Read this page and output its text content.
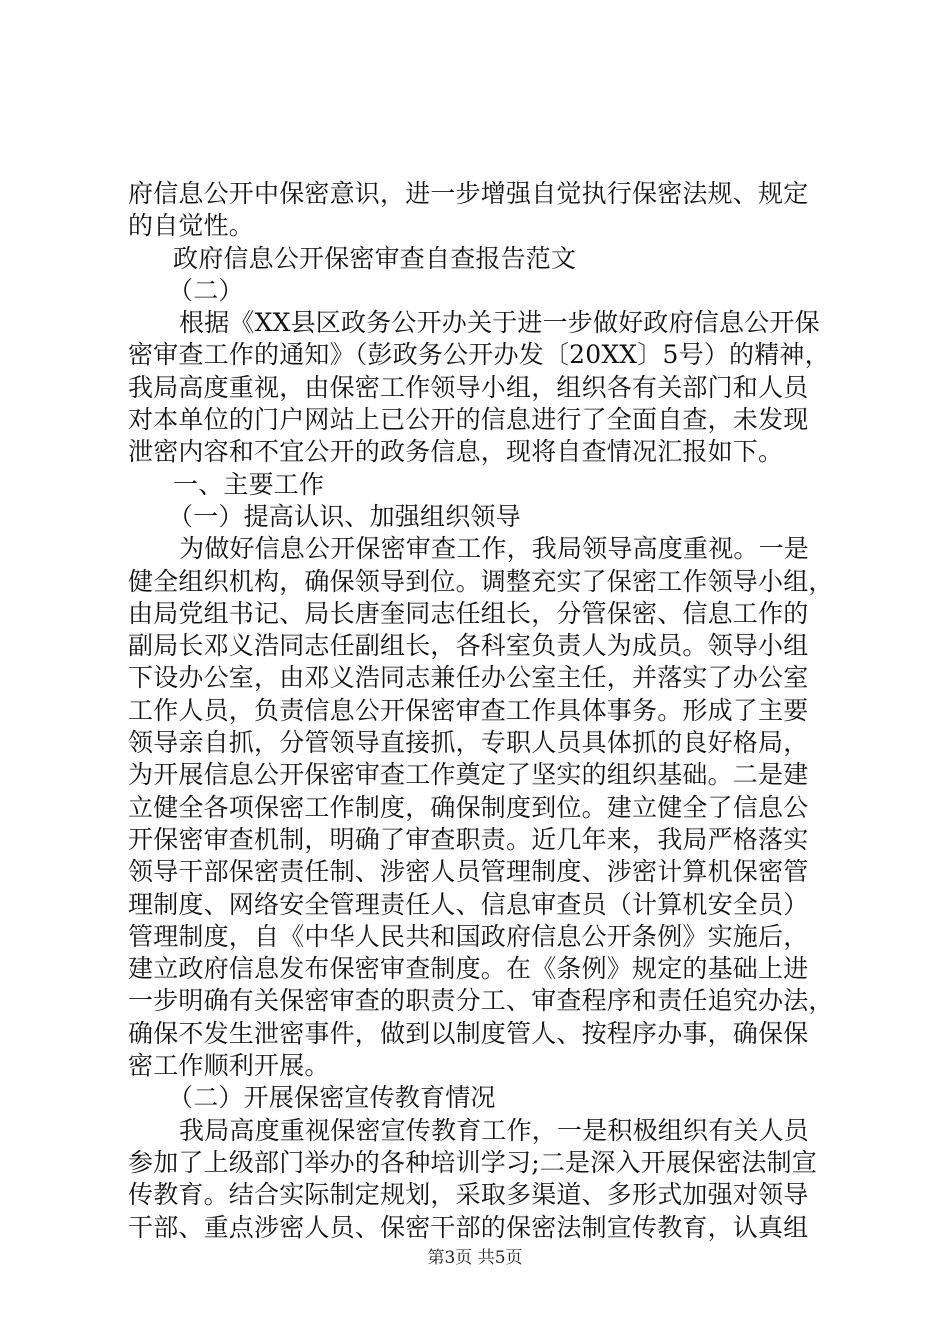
府信息公开中保密意识，进一步增强自觉执行保密法规、规定
的自觉性。
政府信息公开保密审查自查报告范文
（二）
根据《XX县区政务公开办关于进一步做好政府信息公开保
密审查工作的通知》（彭政务公开办发〔20XX〕5号）的精神，
我局高度重视，由保密工作领导小组，组织各有关部门和人员
对本单位的门户网站上已公开的信息进行了全面自查，未发现
泄密内容和不宜公开的政务信息，现将自查情况汇报如下。
一、主要工作
（一）提高认识、加强组织领导
为做好信息公开保密审查工作，我局领导高度重视。一是
健全组织机构，确保领导到位。调整充实了保密工作领导小组，
由局党组书记、局长唐奎同志任组长，分管保密、信息工作的
副局长邓义浩同志任副组长，各科室负责人为成员。领导小组
下设办公室，由邓义浩同志兼任办公室主任，并落实了办公室
工作人员，负责信息公开保密审查工作具体事务。形成了主要
领导亲自抓，分管领导直接抓，专职人员具体抓的良好格局，
为开展信息公开保密审查工作奠定了坚实的组织基础。二是建
立健全各项保密工作制度，确保制度到位。建立健全了信息公
开保密审查机制，明确了审查职责。近几年来，我局严格落实
领导干部保密责任制、涉密人员管理制度、涉密计算机保密管
理制度、网络安全管理责任人、信息审查员（计算机安全员）
管理制度，自《中华人民共和国政府信息公开条例》实施后，
建立政府信息发布保密审查制度。在《条例》规定的基础上进
一步明确有关保密审查的职责分工、审查程序和责任追究办法，
确保不发生泄密事件，做到以制度管人、按程序办事，确保保
密工作顺利开展。
（二）开展保密宣传教育情况
我局高度重视保密宣传教育工作，一是积极组织有关人员
参加了上级部门举办的各种培训学习;二是深入开展保密法制宣
传教育。结合实际制定规划，采取多渠道、多形式加强对领导
干部、重点涉密人员、保密干部的保密法制宣传教育，认真组
第3页 共5页
